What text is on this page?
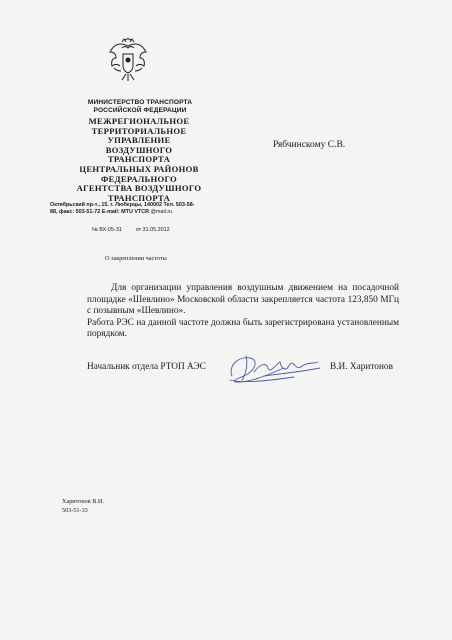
МИНИСТЕРСТВО ТРАНСПОРТА
РОССИЙСКОЙ ФЕДЕРАЦИИ
МЕЖРЕГИОНАЛЬНОЕ
ТЕРРИТОРИАЛЬНОЕ
УПРАВЛЕНИЕ
ВОЗДУШНОГО
ТРАНСПОРТА
ЦЕНТРАЛЬНЫХ РАЙОНОВ
ФЕДЕРАЛЬНОГО
АГЕНТСТВА ВОЗДУШНОГО
ТРАНСПОРТА
Октябрьский пр-т., 15. г. Люберцы, 140002 Тел. 503-58-
88, факс: 503-51-72 E-mail: MTU VTCR @mail.ru
№ ВХ-05-31	от 31.05.2012
Рябчинскому С.В.
О закреплении частоты

Для организации управления воздушным движением на посадочной площадке «Шевлино» Московской области закрепляется частота 123,850 МГц с позывным «Шевлино».

Работа РЭС на данной частоте должна быть зарегистрирована установленным порядком.

Начальник отдела РТОП АЭС	В.И. Харитонов
Харитонов В.И.
503-51-33
